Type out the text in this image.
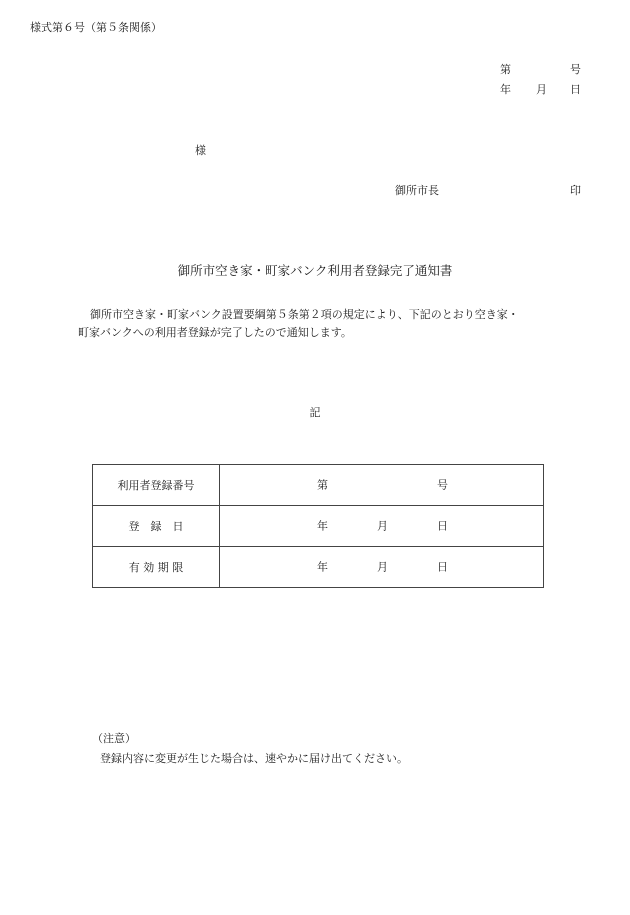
様式第６号（第５条関係）
第	号
年 月 日
様
御所市長	印
御所市空き家・町家バンク利用者登録完了通知書
御所市空き家・町家バンク設置要綱第５条第２項の規定により、下記のとおり空き家・
町家バンクへの利用者登録が完了したので通知します。
記
利用者登録番号	第 号

登　録　日	年 月 日

有 効 期 限	年 月 日
（注意）
登録内容に変更が生じた場合は、速やかに届け出てください。
